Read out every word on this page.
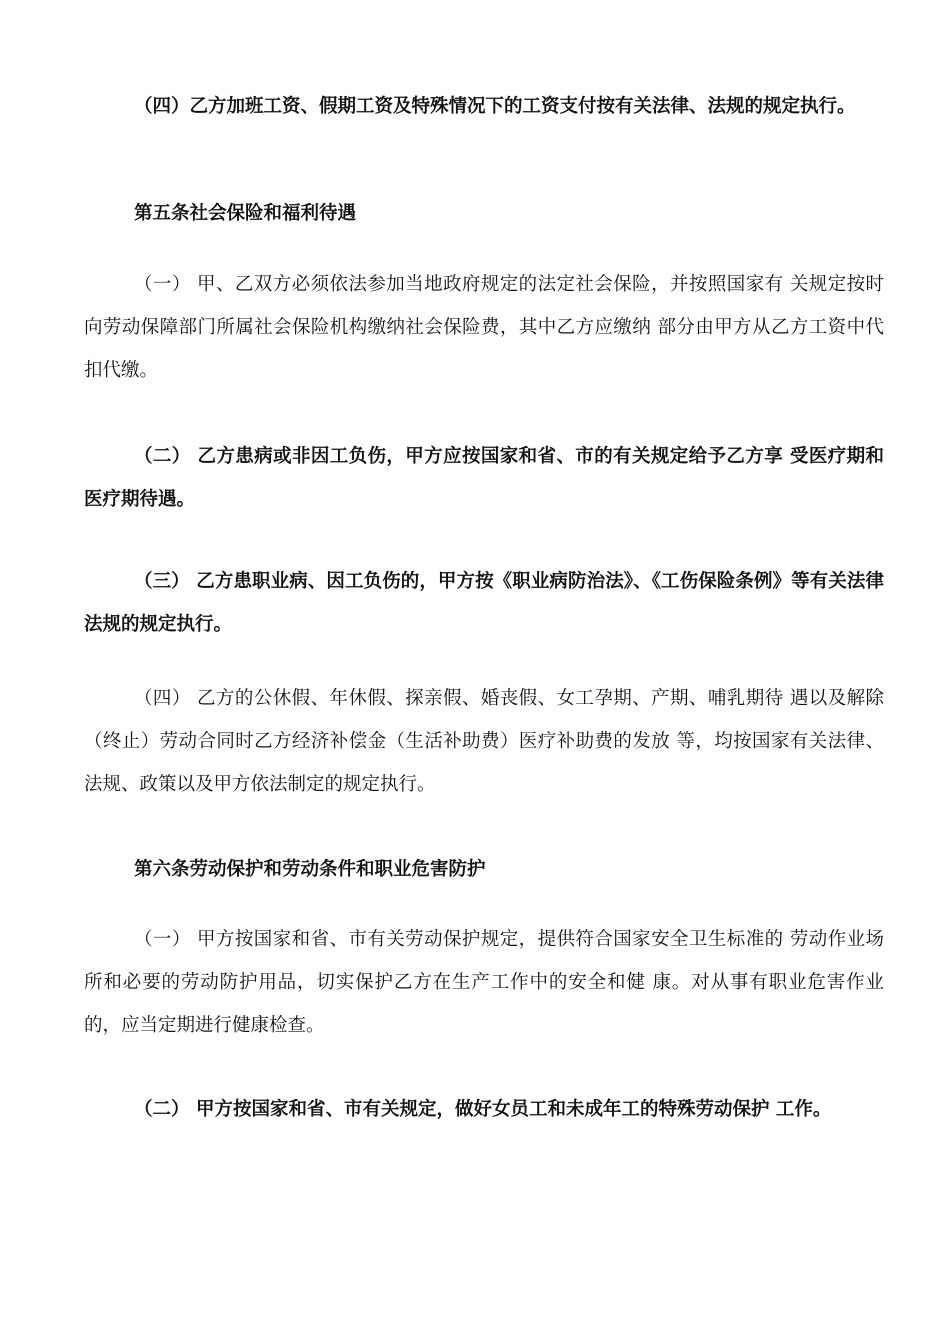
（四）乙方加班工资、假期工资及特殊情况下的工资支付按有关法律、法规的规定执行。

第五条社会保险和福利待遇

（一） 甲、乙双方必须依法参加当地政府规定的法定社会保险，并按照国家有 关规定按时向劳动保障部门所属社会保险机构缴纳社会保险费，其中乙方应缴纳 部分由甲方从乙方工资中代扣代缴。

（二） 乙方患病或非因工负伤，甲方应按国家和省、市的有关规定给予乙方享 受医疗期和医疗期待遇。

（三） 乙方患职业病、因工负伤的，甲方按《职业病防治法》、《工伤保险条例》等有关法律法规的规定执行。

（四） 乙方的公休假、年休假、探亲假、婚丧假、女工孕期、产期、哺乳期待 遇以及解除（终止）劳动合同时乙方经济补偿金（生活补助费）医疗补助费的发放 等，均按国家有关法律、法规、政策以及甲方依法制定的规定执行。

第六条劳动保护和劳动条件和职业危害防护

（一） 甲方按国家和省、市有关劳动保护规定，提供符合国家安全卫生标准的 劳动作业场所和必要的劳动防护用品，切实保护乙方在生产工作中的安全和健 康。对从事有职业危害作业的，应当定期进行健康检查。

（二） 甲方按国家和省、市有关规定，做好女员工和未成年工的特殊劳动保护 工作。
